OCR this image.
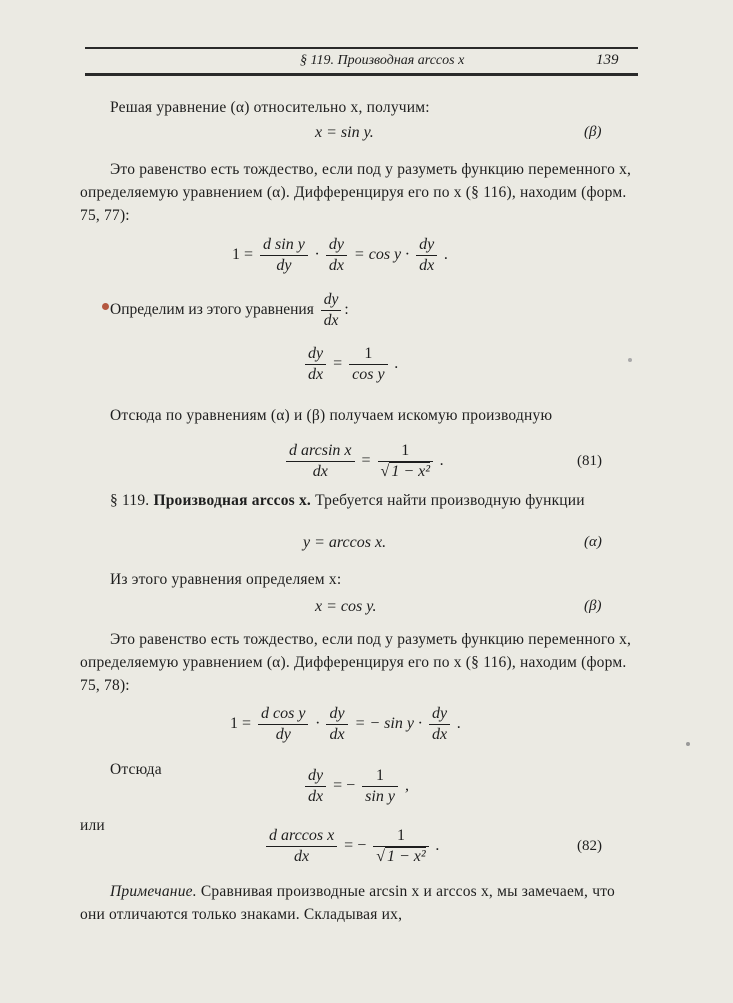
§ 119. Производная arccos x	139
Решая уравнение (α) относительно x, получим:
x = sin y.	(β)
Это равенство есть тождество, если под y разуметь функцию переменного x, определяемую уравнением (α). Дифференцируя его по x (§ 116), находим (форм. 75, 77):
$1 = \frac{\text{d sin y}}{dy} \cdot \frac{dy}{dx} = \cos y \cdot \frac{dy}{dx}$ .
Определим из этого уравнения $\frac{dy}{dx}$ :
$\frac{dy}{dx} = \frac{1}{\text{cos y}}$ .
Отсюда по уравнениям (α) и (β) получаем искомую производную
$\frac{\text{d arcsin x}}{dx} = \frac{1}{\text{√ 1 − x²}}$ .	(81)
§ 119. Производная arccos x. Требуется найти производную функции
y = arccos x.	(α)
Из этого уравнения определяем x:
x = cos y.	(β)
Это равенство есть тождество, если под y разуметь функцию переменного x, определяемую уравнением (α). Дифференцируя его по x (§ 116), находим (форм. 75, 78):
$1 = \frac{\text{d cos y}}{dy} \cdot \frac{dy}{dx}$ = − $\sin y \cdot \frac{dy}{dx}$ .
Отсюда	$\frac{dy}{dx}$ = − $\frac{1}{\text{sin y}}$ ,
или
$\frac{\text{d arccos x}}{dx}$ = − $\frac{1}{\text{√ 1 − x²}}$ .	(82)
Примечание. Сравнивая производные arcsin x и arccos x, мы замечаем, что они отличаются только знаками. Складывая их,
